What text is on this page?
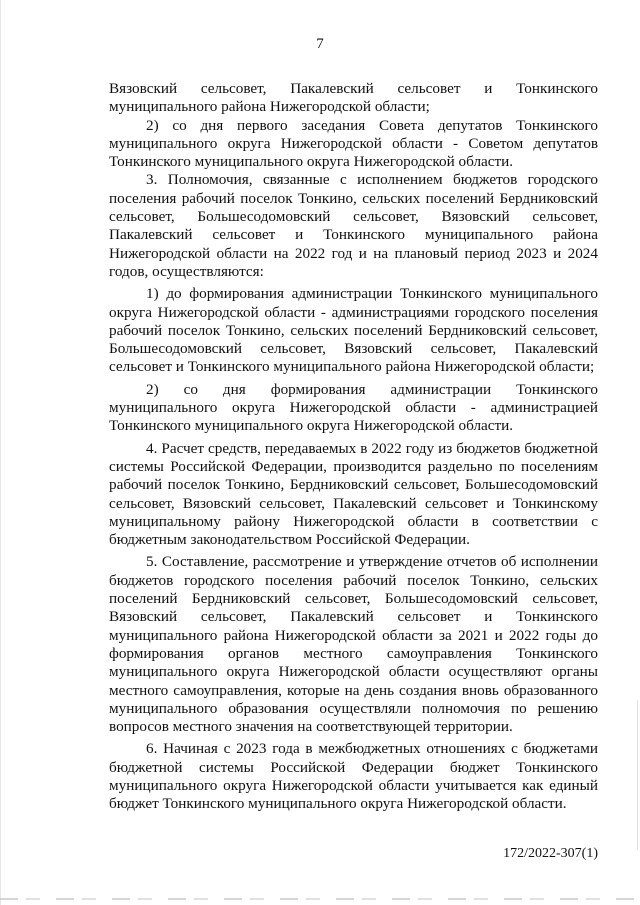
7

Вязовский сельсовет, Пакалевский сельсовет и Тонкинского муниципального района Нижегородской области;

2) со дня первого заседания Совета депутатов Тонкинского муниципального округа Нижегородской области - Советом депутатов Тонкинского муниципального округа Нижегородской области.

3. Полномочия, связанные с исполнением бюджетов городского поселения рабочий поселок Тонкино, сельских поселений Бердниковский сельсовет, Большесодомовский сельсовет, Вязовский сельсовет, Пакалевский сельсовет и Тонкинского муниципального района Нижегородской области на 2022 год и на плановый период 2023 и 2024 годов, осуществляются:

1) до формирования администрации Тонкинского муниципального округа Нижегородской области - администрациями городского поселения рабочий поселок Тонкино, сельских поселений Бердниковский сельсовет, Большесодомовский сельсовет, Вязовский сельсовет, Пакалевский сельсовет и Тонкинского муниципального района Нижегородской области;

2) со дня формирования администрации Тонкинского муниципального округа Нижегородской области - администрацией Тонкинского муниципального округа Нижегородской области.

4. Расчет средств, передаваемых в 2022 году из бюджетов бюджетной системы Российской Федерации, производится раздельно по поселениям рабочий поселок Тонкино, Бердниковский сельсовет, Большесодомовский сельсовет, Вязовский сельсовет, Пакалевский сельсовет и Тонкинскому муниципальному району Нижегородской области в соответствии с бюджетным законодательством Российской Федерации.

5. Составление, рассмотрение и утверждение отчетов об исполнении бюджетов городского поселения рабочий поселок Тонкино, сельских поселений Бердниковский сельсовет, Большесодомовский сельсовет, Вязовский сельсовет, Пакалевский сельсовет и Тонкинского муниципального района Нижегородской области за 2021 и 2022 годы до формирования органов местного самоуправления Тонкинского муниципального округа Нижегородской области осуществляют органы местного самоуправления, которые на день создания вновь образованного муниципального образования осуществляли полномочия по решению вопросов местного значения на соответствующей территории.

6. Начиная с 2023 года в межбюджетных отношениях с бюджетами бюджетной системы Российской Федерации бюджет Тонкинского муниципального округа Нижегородской области учитывается как единый бюджет Тонкинского муниципального округа Нижегородской области.

172/2022-307(1)
